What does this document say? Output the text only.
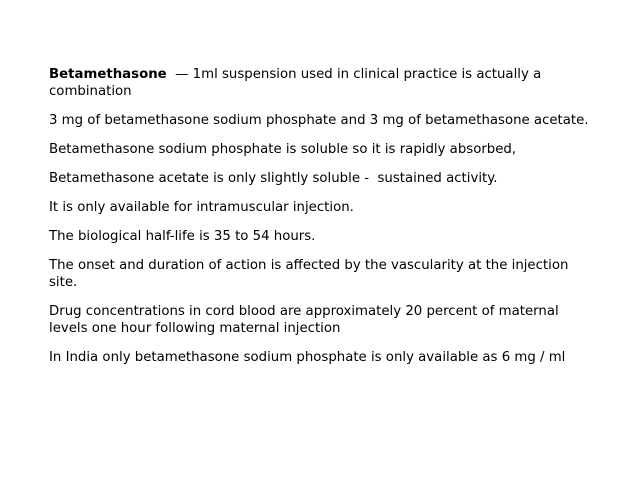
Betamethasone  — 1ml suspension used in clinical practice is actually a combination

3 mg of betamethasone sodium phosphate and 3 mg of betamethasone acetate.

Betamethasone sodium phosphate is soluble so it is rapidly absorbed,

Betamethasone acetate is only slightly soluble -  sustained activity.

It is only available for intramuscular injection.

The biological half-life is 35 to 54 hours.

The onset and duration of action is affected by the vascularity at the injection site.

Drug concentrations in cord blood are approximately 20 percent of maternal levels one hour following maternal injection

In India only betamethasone sodium phosphate is only available as 6 mg / ml
